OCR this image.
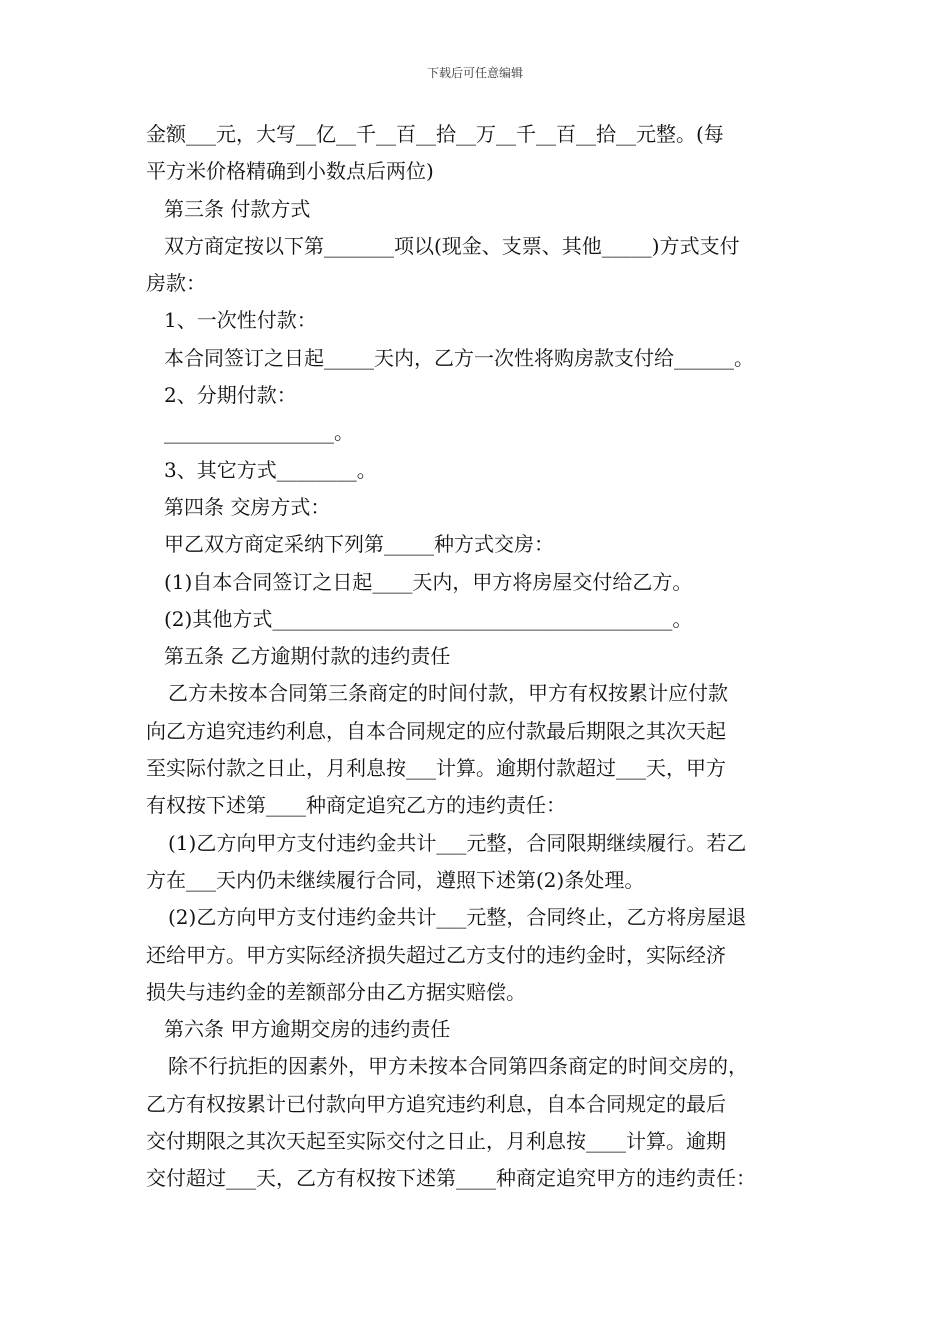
下载后可任意编辑
金额___元，大写__亿__千__百__拾__万__千__百__拾__元整。(每
平方米价格精确到小数点后两位)
第三条 付款方式
双方商定按以下第_______项以(现金、支票、其他_____)方式支付
房款：
1、一次性付款：
本合同签订之日起_____天内，乙方一次性将购房款支付给______。
2、分期付款：
_________________。
3、其它方式________。
第四条 交房方式：
甲乙双方商定采纳下列第_____种方式交房：
(1)自本合同签订之日起____天内，甲方将房屋交付给乙方。
(2)其他方式________________________________________。
第五条 乙方逾期付款的违约责任
乙方未按本合同第三条商定的时间付款，甲方有权按累计应付款
向乙方追究违约利息，自本合同规定的应付款最后期限之其次天起
至实际付款之日止，月利息按___计算。逾期付款超过___天，甲方
有权按下述第____种商定追究乙方的违约责任：
(1)乙方向甲方支付违约金共计___元整，合同限期继续履行。若乙
方在___天内仍未继续履行合同，遵照下述第(2)条处理。
(2)乙方向甲方支付违约金共计___元整，合同终止，乙方将房屋退
还给甲方。甲方实际经济损失超过乙方支付的违约金时，实际经济
损失与违约金的差额部分由乙方据实赔偿。
第六条 甲方逾期交房的违约责任
除不行抗拒的因素外，甲方未按本合同第四条商定的时间交房的，
乙方有权按累计已付款向甲方追究违约利息，自本合同规定的最后
交付期限之其次天起至实际交付之日止，月利息按____计算。逾期
交付超过___天，乙方有权按下述第____种商定追究甲方的违约责任：
